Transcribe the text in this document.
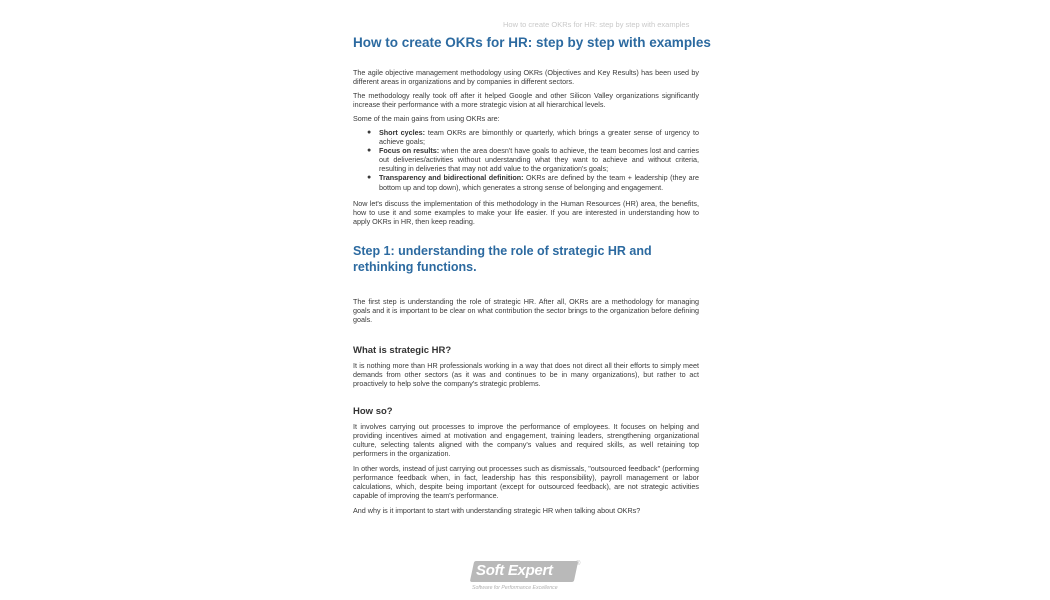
How to create OKRs for HR: step by step with examples
How to create OKRs for HR: step by step with examples

The agile objective management methodology using OKRs (Objectives and Key Results) has been used by different areas in organizations and by companies in different sectors.

The methodology really took off after it helped Google and other Silicon Valley organizations significantly increase their performance with a more strategic vision at all hierarchical levels.

Some of the main gains from using OKRs are:

● Short cycles: team OKRs are bimonthly or quarterly, which brings a greater sense of urgency to achieve goals;
● Focus on results: when the area doesn't have goals to achieve, the team becomes lost and carries out deliveries/activities without understanding what they want to achieve and without criteria, resulting in deliveries that may not add value to the organization's goals;
● Transparency and bidirectional definition: OKRs are defined by the team + leadership (they are bottom up and top down), which generates a strong sense of belonging and engagement.

Now let's discuss the implementation of this methodology in the Human Resources (HR) area, the benefits, how to use it and some examples to make your life easier. If you are interested in understanding how to apply OKRs in HR, then keep reading.

Step 1: understanding the role of strategic HR and rethinking functions.

The first step is understanding the role of strategic HR. After all, OKRs are a methodology for managing goals and it is important to be clear on what contribution the sector brings to the organization before defining goals.

What is strategic HR?

It is nothing more than HR professionals working in a way that does not direct all their efforts to simply meet demands from other sectors (as it was and continues to be in many organizations), but rather to act proactively to help solve the company's strategic problems.

How so?

It involves carrying out processes to improve the performance of employees. It focuses on helping and providing incentives aimed at motivation and engagement, training leaders, strengthening organizational culture, selecting talents aligned with the company's values and required skills, as well retaining top performers in the organization.

In other words, instead of just carrying out processes such as dismissals, "outsourced feedback" (performing performance feedback when, in fact, leadership has this responsibility), payroll management or labor calculations, which, despite being important (except for outsourced feedback), are not strategic activities capable of improving the team's performance.

And why is it important to start with understanding strategic HR when talking about OKRs?

Soft Expert	®
Software for Performance Excellence
